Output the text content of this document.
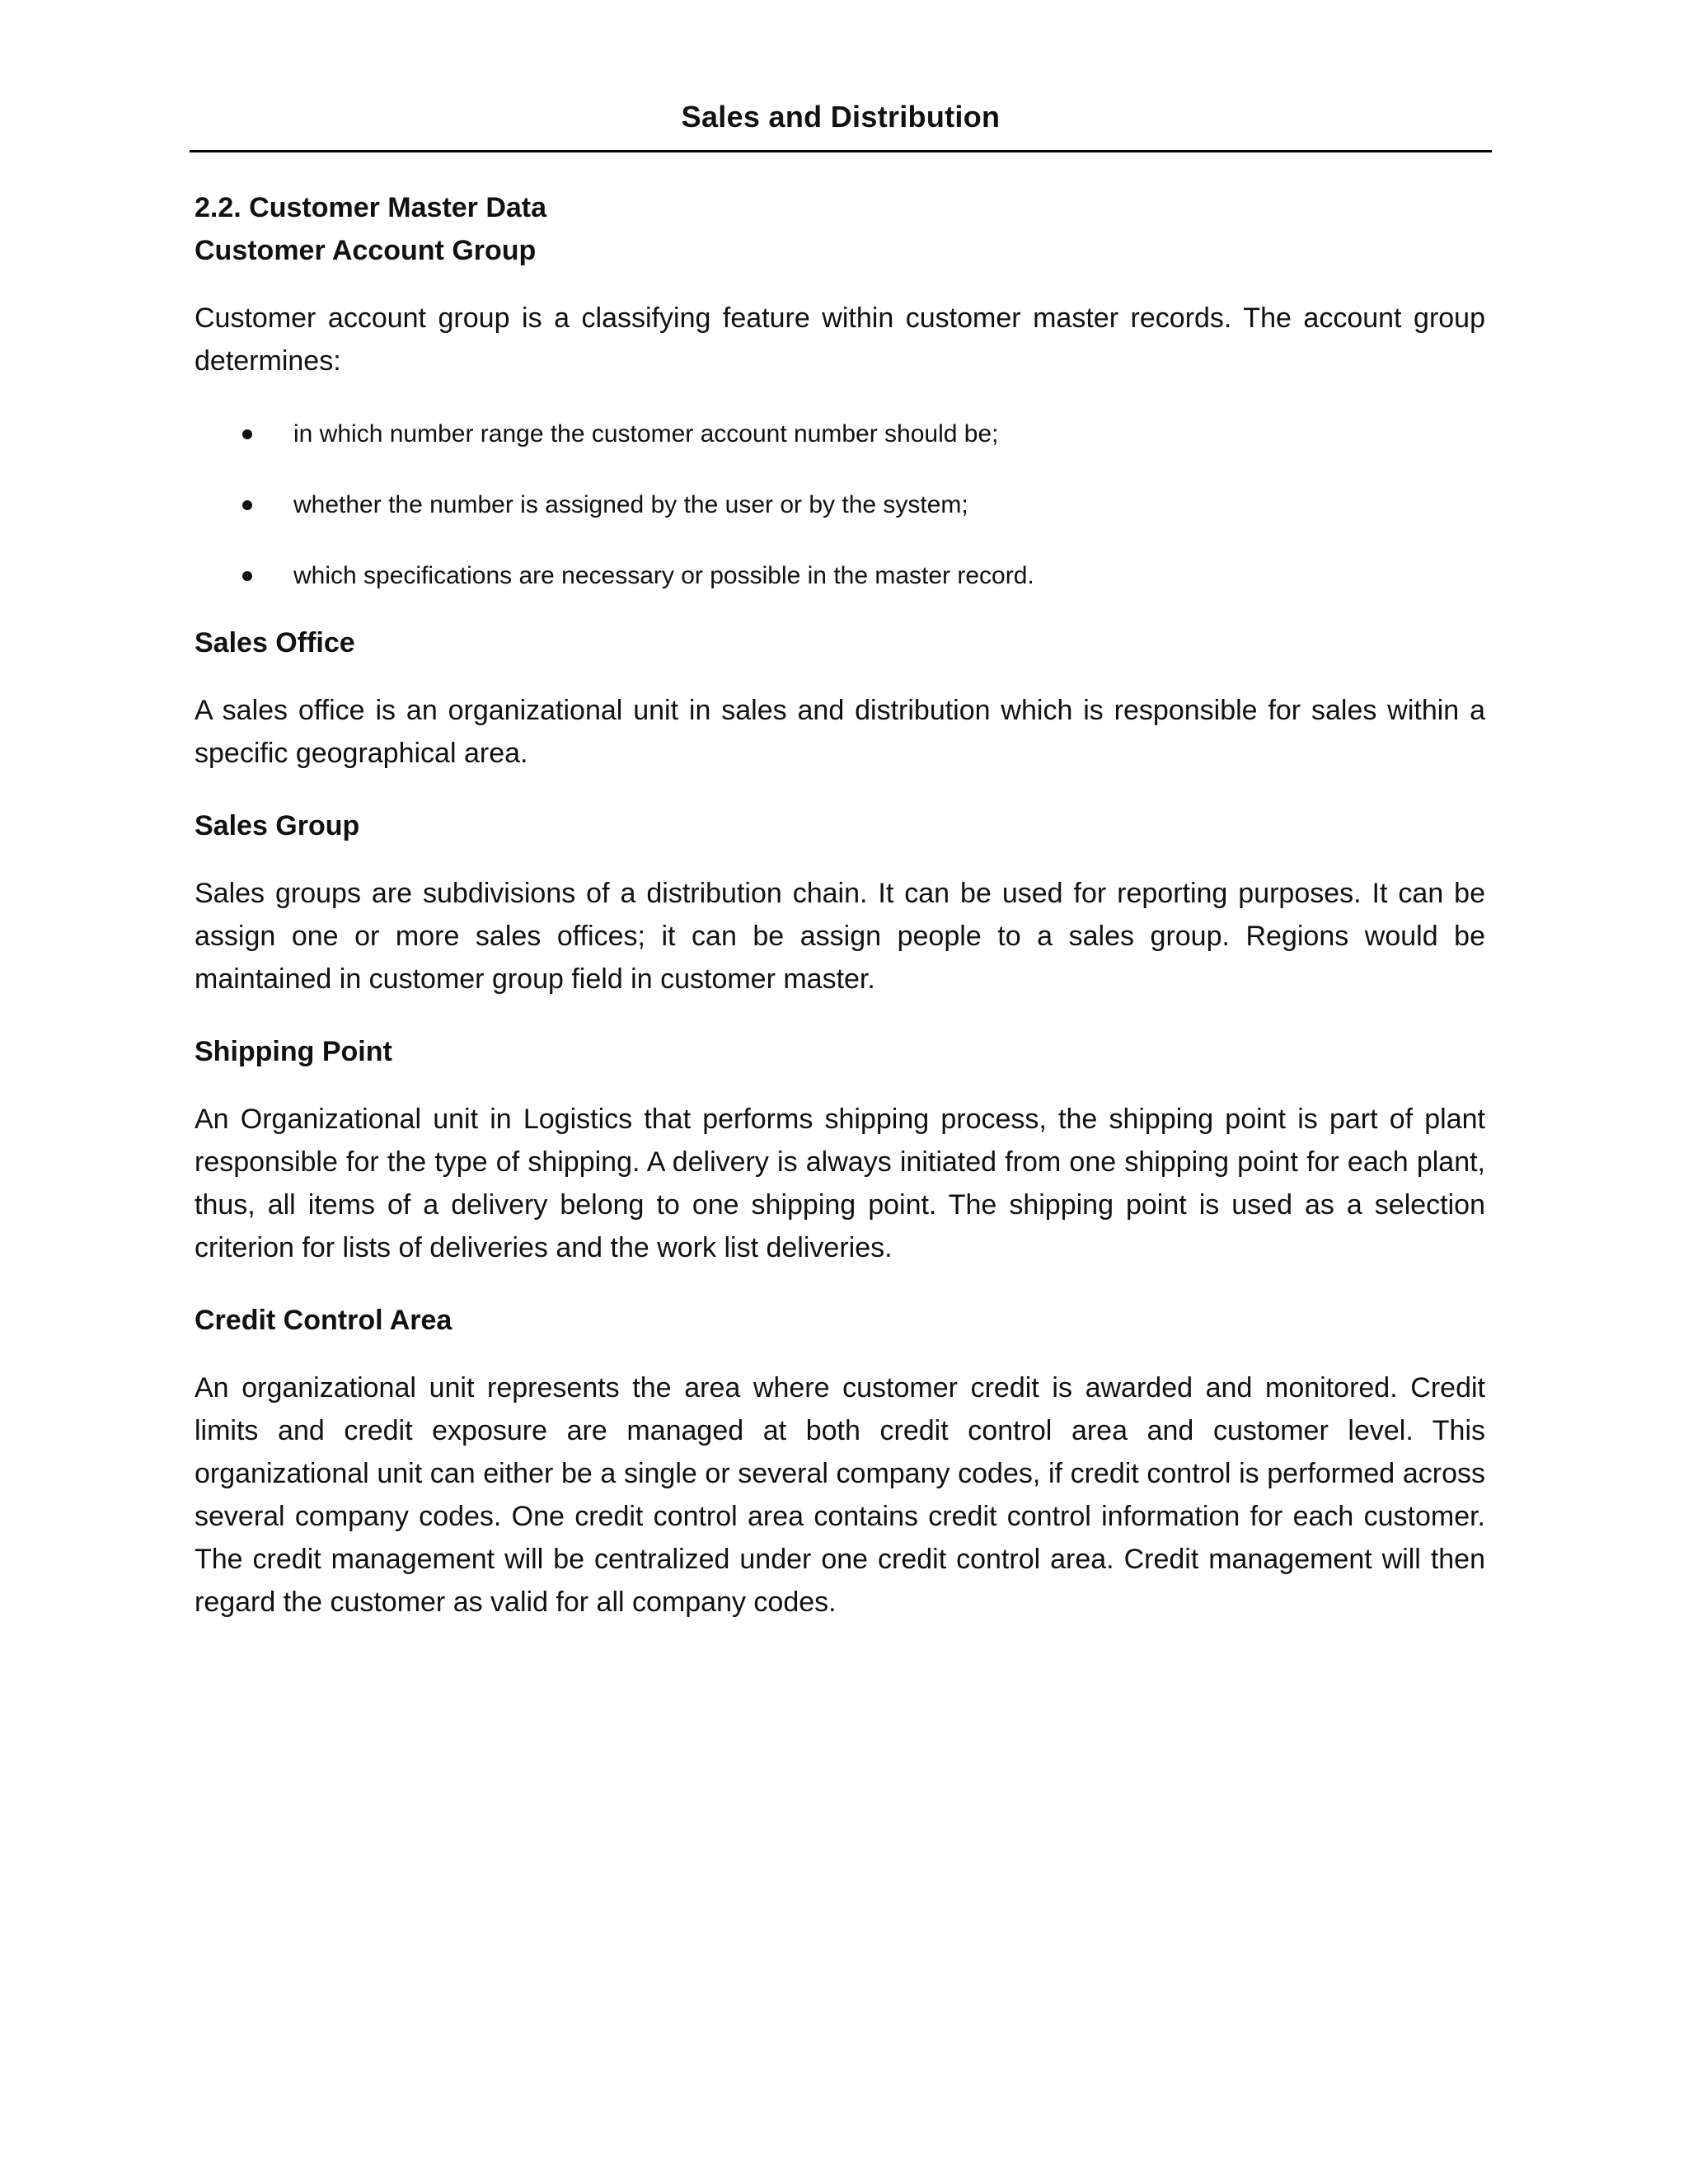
Sales and Distribution

2.2. Customer Master Data

Customer Account Group

Customer account group is a classifying feature within customer master records. The account group determines:

in which number range the customer account number should be;
whether the number is assigned by the user or by the system;
which specifications are necessary or possible in the master record.

Sales Office

A sales office is an organizational unit in sales and distribution which is responsible for sales within a specific geographical area.

Sales Group

Sales groups are subdivisions of a distribution chain. It can be used for reporting purposes. It can be assign one or more sales offices; it can be assign people to a sales group. Regions would be maintained in customer group field in customer master.

Shipping Point

An Organizational unit in Logistics that performs shipping process, the shipping point is part of plant responsible for the type of shipping. A delivery is always initiated from one shipping point for each plant, thus, all items of a delivery belong to one shipping point. The shipping point is used as a selection criterion for lists of deliveries and the work list deliveries.

Credit Control Area

An organizational unit represents the area where customer credit is awarded and monitored. Credit limits and credit exposure are managed at both credit control area and customer level. This organizational unit can either be a single or several company codes, if credit control is performed across several company codes. One credit control area contains credit control information for each customer. The credit management will be centralized under one credit control area. Credit management will then regard the customer as valid for all company codes.
